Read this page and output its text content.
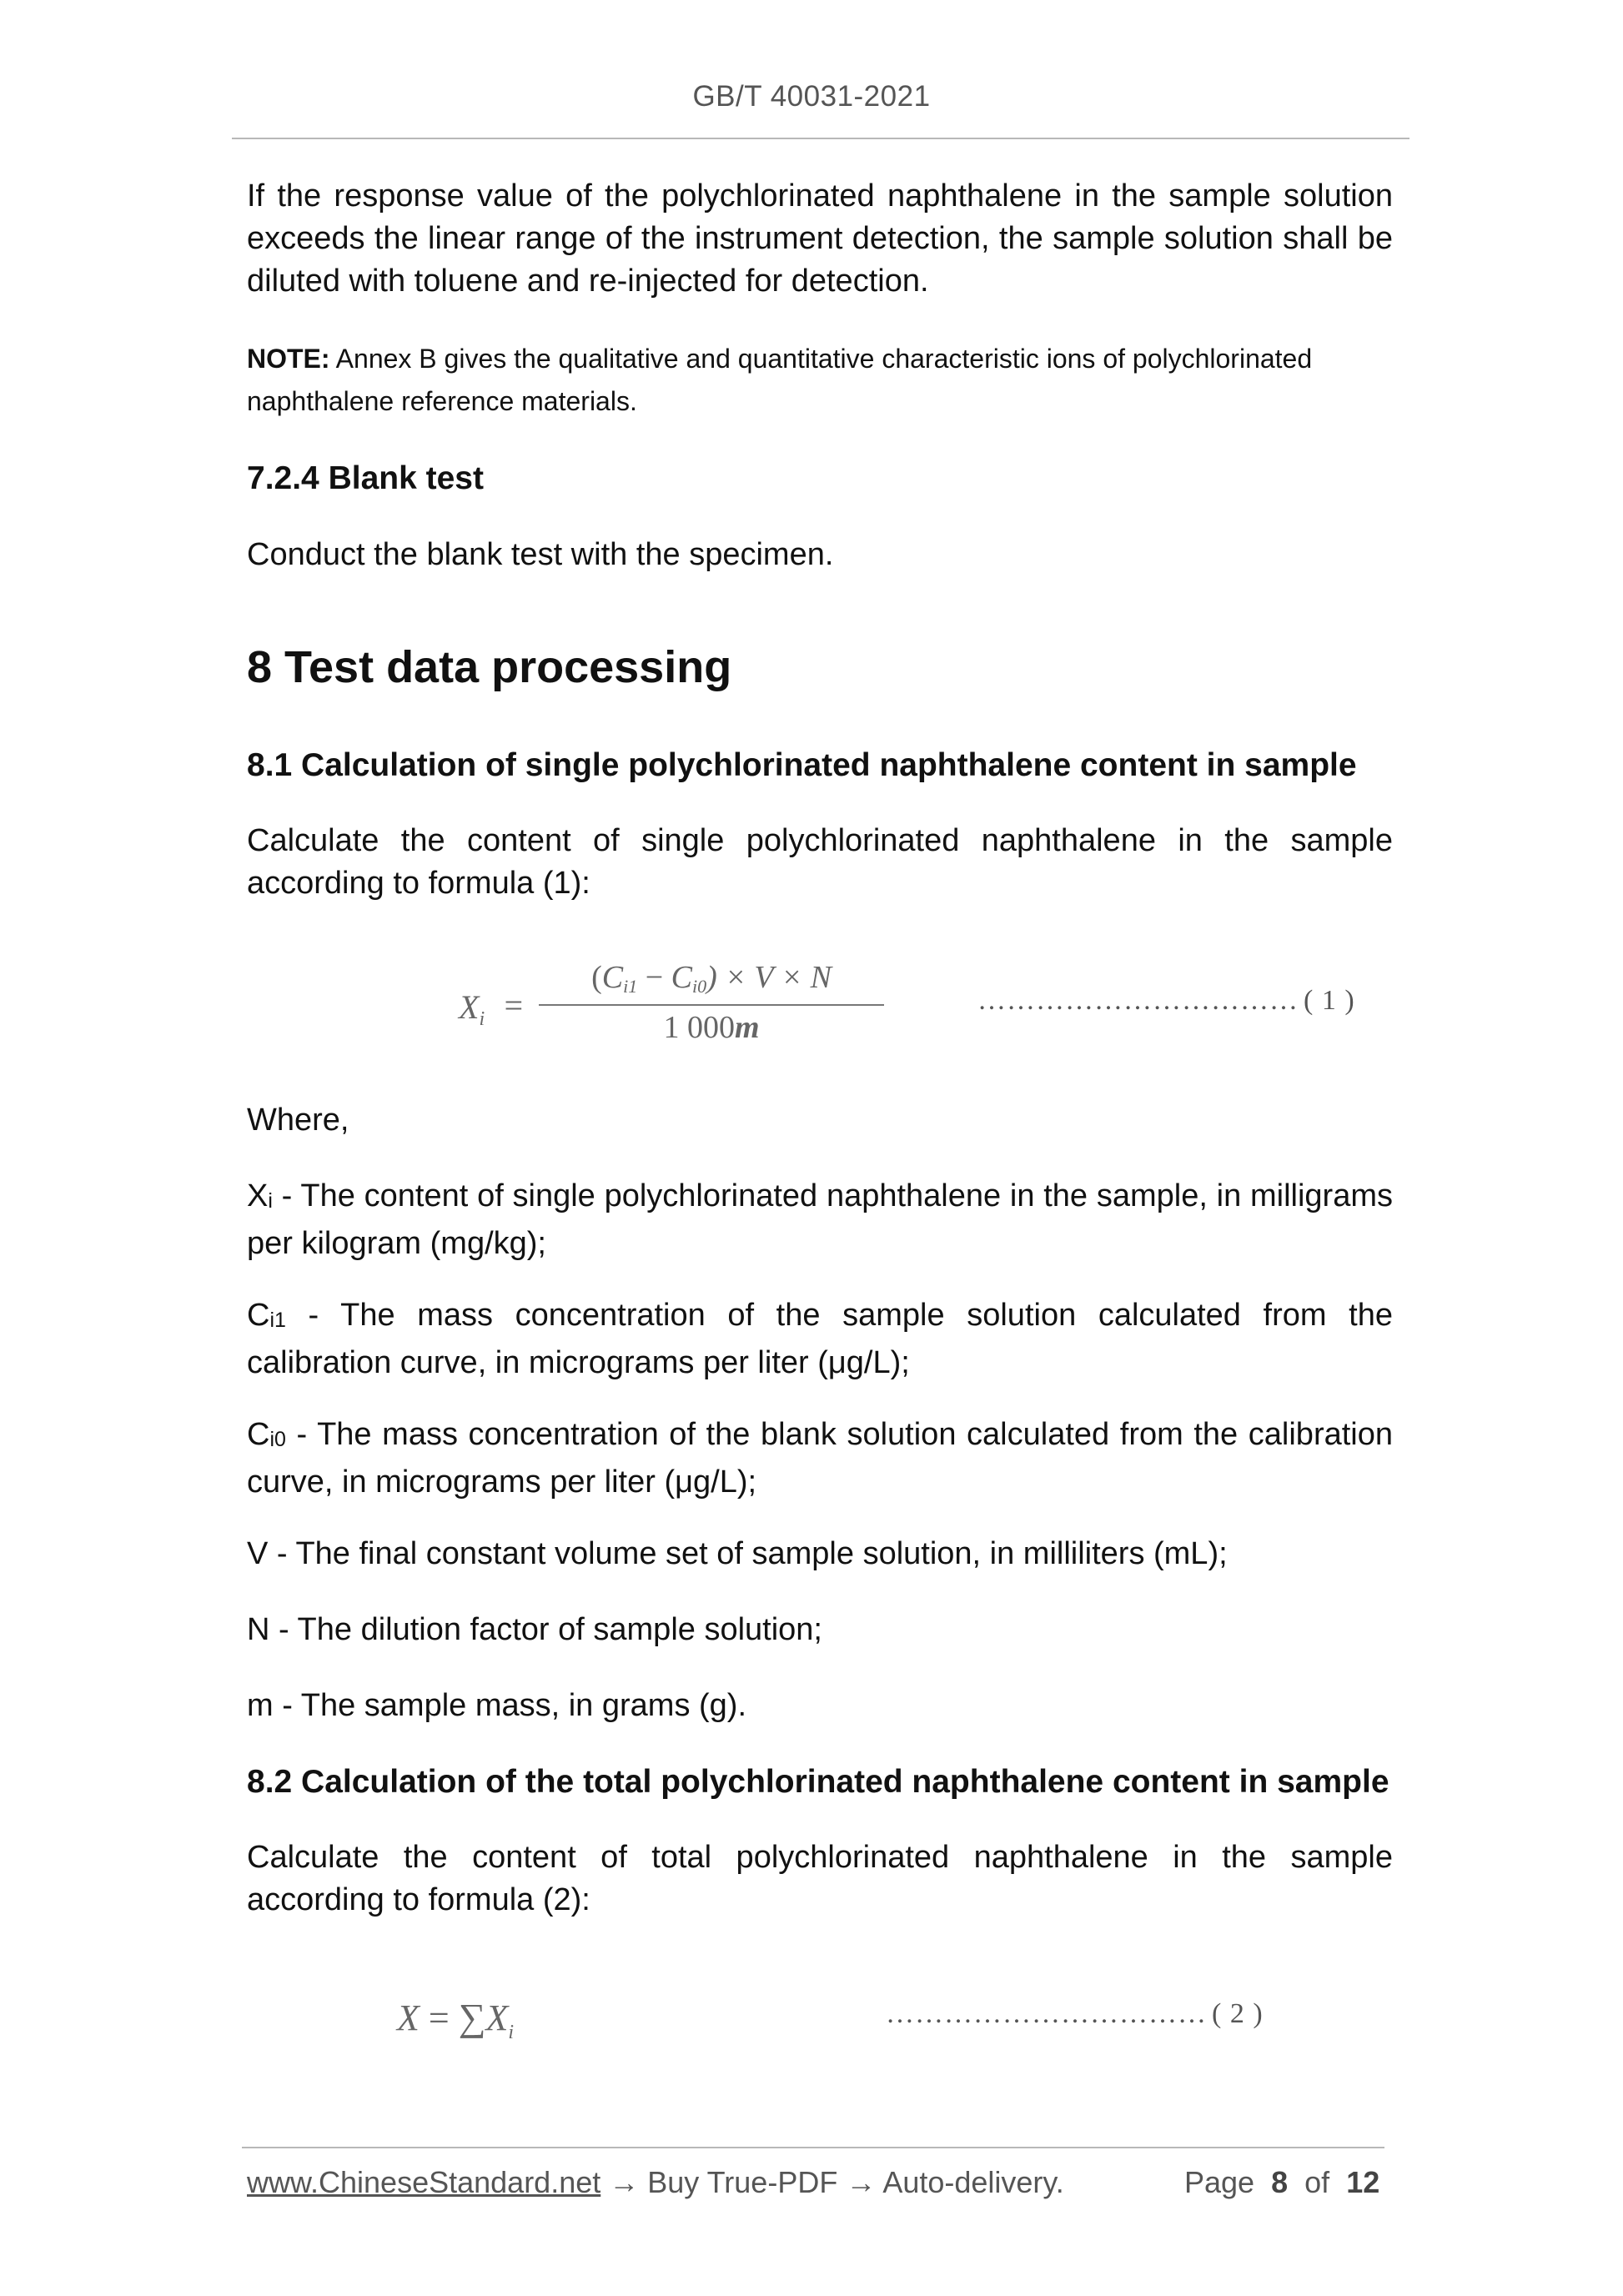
GB/T 40031-2021
If the response value of the polychlorinated naphthalene in the sample solution exceeds the linear range of the instrument detection, the sample solution shall be diluted with toluene and re-injected for detection.
NOTE: Annex B gives the qualitative and quantitative characteristic ions of polychlorinated naphthalene reference materials.
7.2.4 Blank test
Conduct the blank test with the specimen.
8 Test data processing
8.1 Calculation of single polychlorinated naphthalene content in sample
Calculate the content of single polychlorinated naphthalene in the sample according to formula (1):
$X_i$ =
(Ci1 − Ci0) × V × N
1 000m
…………………………… ( 1 )
Where,
Xi - The content of single polychlorinated naphthalene in the sample, in milligrams per kilogram (mg/kg);
Ci1 - The mass concentration of the sample solution calculated from the calibration curve, in micrograms per liter (μg/L);
Ci0 - The mass concentration of the blank solution calculated from the calibration curve, in micrograms per liter (μg/L);
V - The final constant volume set of sample solution, in milliliters (mL);
N - The dilution factor of sample solution;
m - The sample mass, in grams (g).
8.2 Calculation of the total polychlorinated naphthalene content in sample
Calculate the content of total polychlorinated naphthalene in the sample according to formula (2):
$X = \sum X_i$
…………………………… ( 2 )
www.ChineseStandard.net → Buy True-PDF → Auto-delivery.	Page 8 of 12
